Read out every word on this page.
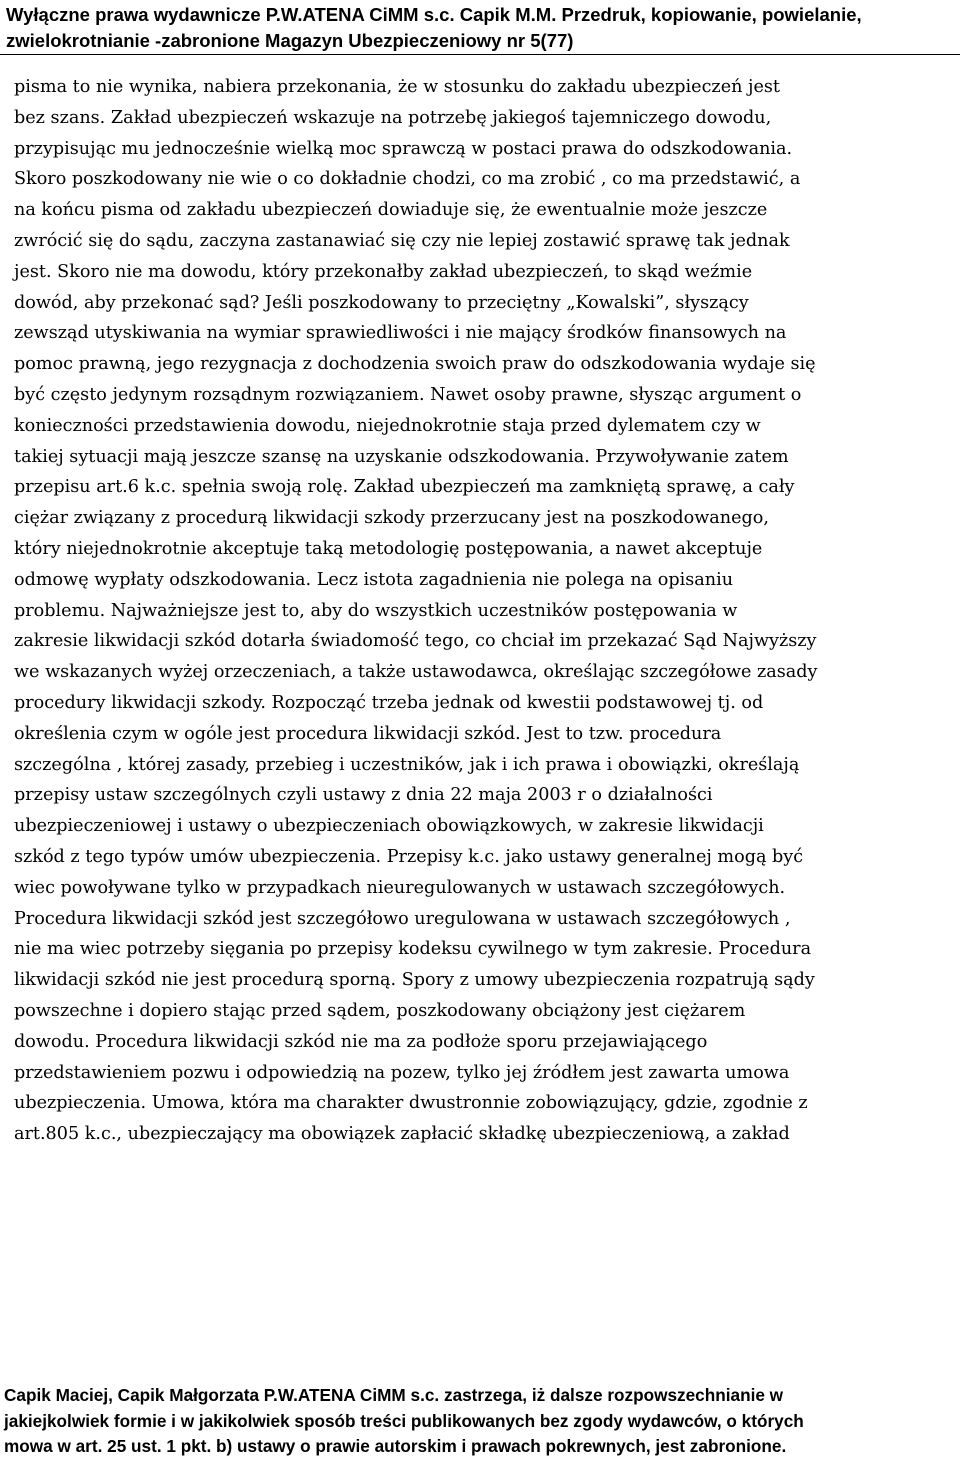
Wyłączne prawa wydawnicze P.W.ATENA CiMM s.c. Capik M.M. Przedruk, kopiowanie, powielanie,
zwielokrotnianie -zabronione Magazyn Ubezpieczeniowy nr 5(77)
pisma to nie wynika, nabiera przekonania, że w stosunku do zakładu ubezpieczeń jest
bez szans. Zakład ubezpieczeń wskazuje na potrzebę jakiegoś tajemniczego dowodu,
przypisując mu jednocześnie wielką moc sprawczą w postaci prawa do odszkodowania.
Skoro poszkodowany nie wie o co dokładnie chodzi, co ma zrobić , co ma przedstawić, a
na końcu pisma od zakładu ubezpieczeń dowiaduje się, że ewentualnie może jeszcze
zwrócić się do sądu, zaczyna zastanawiać się czy nie lepiej zostawić sprawę tak jednak
jest. Skoro nie ma dowodu, który przekonałby zakład ubezpieczeń, to skąd weźmie
dowód, aby przekonać sąd? Jeśli poszkodowany to przeciętny „Kowalski”, słyszący
zewsząd utyskiwania na wymiar sprawiedliwości i nie mający środków finansowych na
pomoc prawną, jego rezygnacja z dochodzenia swoich praw do odszkodowania wydaje się
być często jedynym rozsądnym rozwiązaniem. Nawet osoby prawne, słysząc argument o
konieczności przedstawienia dowodu, niejednokrotnie staja przed dylematem czy w
takiej sytuacji mają jeszcze szansę na uzyskanie odszkodowania. Przywoływanie zatem
przepisu art.6 k.c. spełnia swoją rolę. Zakład ubezpieczeń ma zamkniętą sprawę, a cały
ciężar związany z procedurą likwidacji szkody przerzucany jest na poszkodowanego,
który niejednokrotnie akceptuje taką metodologię postępowania, a nawet akceptuje
odmowę wypłaty odszkodowania. Lecz istota zagadnienia nie polega na opisaniu
problemu. Najważniejsze jest to, aby do wszystkich uczestników postępowania w
zakresie likwidacji szkód dotarła świadomość tego, co chciał im przekazać Sąd Najwyższy
we wskazanych wyżej orzeczeniach, a także ustawodawca, określając szczegółowe zasady
procedury likwidacji szkody. Rozpocząć trzeba jednak od kwestii podstawowej tj. od
określenia czym w ogóle jest procedura likwidacji szkód. Jest to tzw. procedura
szczególna , której zasady, przebieg i uczestników, jak i ich prawa i obowiązki, określają
przepisy ustaw szczególnych czyli ustawy z dnia 22 maja 2003 r o działalności
ubezpieczeniowej i ustawy o ubezpieczeniach obowiązkowych, w zakresie likwidacji
szkód z tego typów umów ubezpieczenia. Przepisy k.c. jako ustawy generalnej mogą być
wiec powoływane tylko w przypadkach nieuregulowanych w ustawach szczegółowych.
Procedura likwidacji szkód jest szczegółowo uregulowana w ustawach szczegółowych ,
nie ma wiec potrzeby sięgania po przepisy kodeksu cywilnego w tym zakresie. Procedura
likwidacji szkód nie jest procedurą sporną. Spory z umowy ubezpieczenia rozpatrują sądy
powszechne i dopiero stając przed sądem, poszkodowany obciążony jest ciężarem
dowodu. Procedura likwidacji szkód nie ma za podłoże sporu przejawiającego
przedstawieniem pozwu i odpowiedzią na pozew, tylko jej źródłem jest zawarta umowa
ubezpieczenia. Umowa, która ma charakter dwustronnie zobowiązujący, gdzie, zgodnie z
art.805 k.c., ubezpieczający ma obowiązek zapłacić składkę ubezpieczeniową, a zakład
Capik Maciej, Capik Małgorzata P.W.ATENA CiMM s.c. zastrzega, iż dalsze rozpowszechnianie w
jakiejkolwiek formie i w jakikolwiek sposób treści publikowanych bez zgody wydawców, o których
mowa w art. 25 ust. 1 pkt. b) ustawy o prawie autorskim i prawach pokrewnych, jest zabronione.
